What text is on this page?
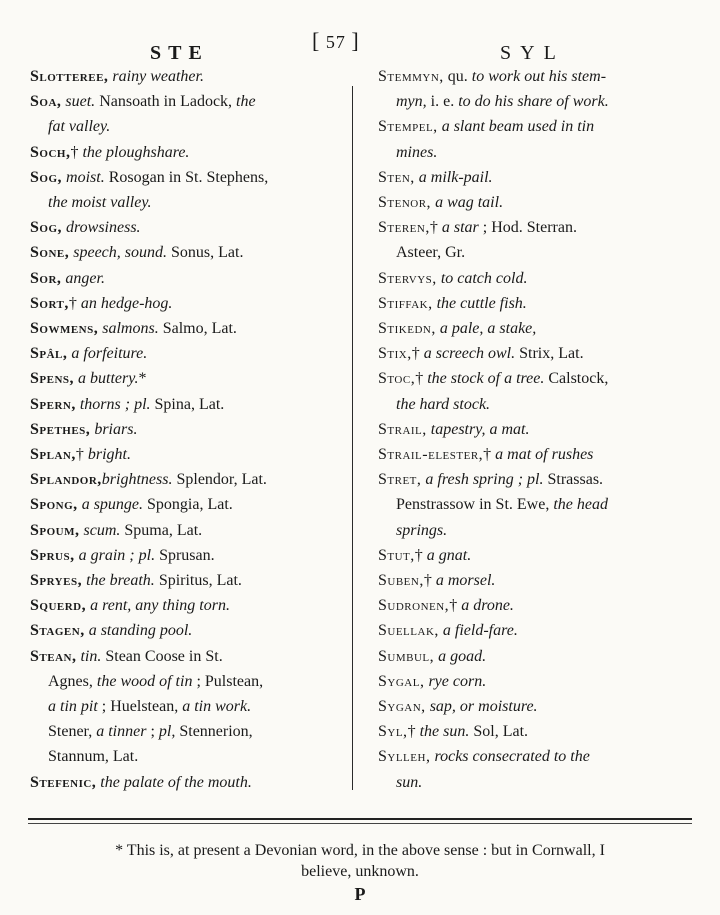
STE	[ 57 ]	SYL
Slotteree, rainy weather.
Soa, suet. Nansoath in Ladock, the
fat valley.
Soch,† the ploughshare.
Sog, moist. Rosogan in St. Stephens,
the moist valley.
Sog, drowsiness.
Sone, speech, sound. Sonus, Lat.
Sor, anger.
Sort,† an hedge-hog.
Sowmens, salmons. Salmo, Lat.
Spâl, a forfeiture.
Spens, a buttery.*
Spern, thorns ; pl. Spina, Lat.
Spethes, briars.
Splan,† bright.
Splandor,brightness. Splendor, Lat.
Spong, a spunge. Spongia, Lat.
Spoum, scum. Spuma, Lat.
Sprus, a grain ; pl. Sprusan.
Spryes, the breath. Spiritus, Lat.
Squerd, a rent, any thing torn.
Stagen, a standing pool.
Stean, tin. Stean Coose in St.
Agnes, the wood of tin ; Pulstean,
a tin pit ; Huelstean, a tin work.
Stener, a tinner ; pl, Stennerion,
Stannum, Lat.
Stefenic, the palate of the mouth.
Stemmyn, qu. to work out his stem-
myn, i. e. to do his share of work.
Stempel, a slant beam used in tin
mines.
Sten, a milk-pail.
Stenor, a wag tail.
Steren,† a star ; Hod. Sterran.
Asteer, Gr.
Stervys, to catch cold.
Stiffak, the cuttle fish.
Stikedn, a pale, a stake,
Stix,† a screech owl. Strix, Lat.
Stoc,† the stock of a tree. Calstock,
the hard stock.
Strail, tapestry, a mat.
Strail-elester,† a mat of rushes
Stret, a fresh spring ; pl. Strassas.
Penstrassow in St. Ewe, the head
springs.
Stut,† a gnat.
Suben,† a morsel.
Sudronen,† a drone.
Suellak, a field-fare.
Sumbul, a goad.
Sygal, rye corn.
Sygan, sap, or moisture.
Syl,† the sun. Sol, Lat.
Sylleh, rocks consecrated to the
sun.
* This is, at present a Devonian word, in the above sense : but in Cornwall, I
believe, unknown.
P
